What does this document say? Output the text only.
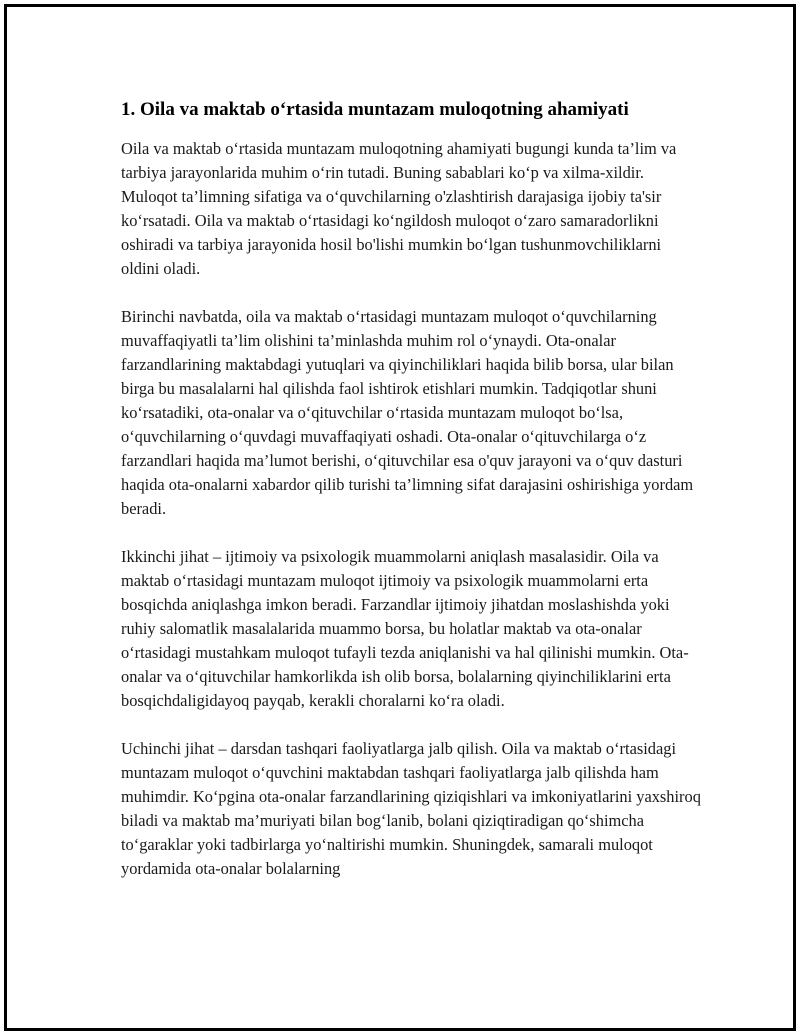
1. Oila va maktab o‘rtasida muntazam muloqotning ahamiyati

Oila va maktab o‘rtasida muntazam muloqotning ahamiyati bugungi kunda ta’lim va tarbiya jarayonlarida muhim o‘rin tutadi. Buning sabablari ko‘p va xilma-xildir. Muloqot ta’limning sifatiga va o‘quvchilarning o'zlashtirish darajasiga ijobiy ta'sir ko‘rsatadi. Oila va maktab o‘rtasidagi ko‘ngildosh muloqot o‘zaro samaradorlikni oshiradi va tarbiya jarayonida hosil bo'lishi mumkin bo‘lgan tushunmovchiliklarni oldini oladi.

Birinchi navbatda, oila va maktab o‘rtasidagi muntazam muloqot o‘quvchilarning muvaffaqiyatli ta’lim olishini ta’minlashda muhim rol o‘ynaydi. Ota-onalar farzandlarining maktabdagi yutuqlari va qiyinchiliklari haqida bilib borsa, ular bilan birga bu masalalarni hal qilishda faol ishtirok etishlari mumkin. Tadqiqotlar shuni ko‘rsatadiki, ota-onalar va o‘qituvchilar o‘rtasida muntazam muloqot bo‘lsa, o‘quvchilarning o‘quvdagi muvaffaqiyati oshadi. Ota-onalar o‘qituvchilarga o‘z farzandlari haqida ma’lumot berishi, o‘qituvchilar esa o'quv jarayoni va o‘quv dasturi haqida ota-onalarni xabardor qilib turishi ta’limning sifat darajasini oshirishiga yordam beradi.

Ikkinchi jihat – ijtimoiy va psixologik muammolarni aniqlash masalasidir. Oila va maktab o‘rtasidagi muntazam muloqot ijtimoiy va psixologik muammolarni erta bosqichda aniqlashga imkon beradi. Farzandlar ijtimoiy jihatdan moslashishda yoki ruhiy salomatlik masalalarida muammo borsa, bu holatlar maktab va ota-onalar o‘rtasidagi mustahkam muloqot tufayli tezda aniqlanishi va hal qilinishi mumkin. Ota-onalar va o‘qituvchilar hamkorlikda ish olib borsa, bolalarning qiyinchiliklarini erta bosqichdaligidayoq payqab, kerakli choralarni ko‘ra oladi.

Uchinchi jihat – darsdan tashqari faoliyatlarga jalb qilish. Oila va maktab o‘rtasidagi muntazam muloqot o‘quvchini maktabdan tashqari faoliyatlarga jalb qilishda ham muhimdir. Ko‘pgina ota-onalar farzandlarining qiziqishlari va imkoniyatlarini yaxshiroq biladi va maktab ma’muriyati bilan bog‘lanib, bolani qiziqtiradigan qo‘shimcha to‘garaklar yoki tadbirlarga yo‘naltirishi mumkin. Shuningdek, samarali muloqot yordamida ota-onalar bolalarning
